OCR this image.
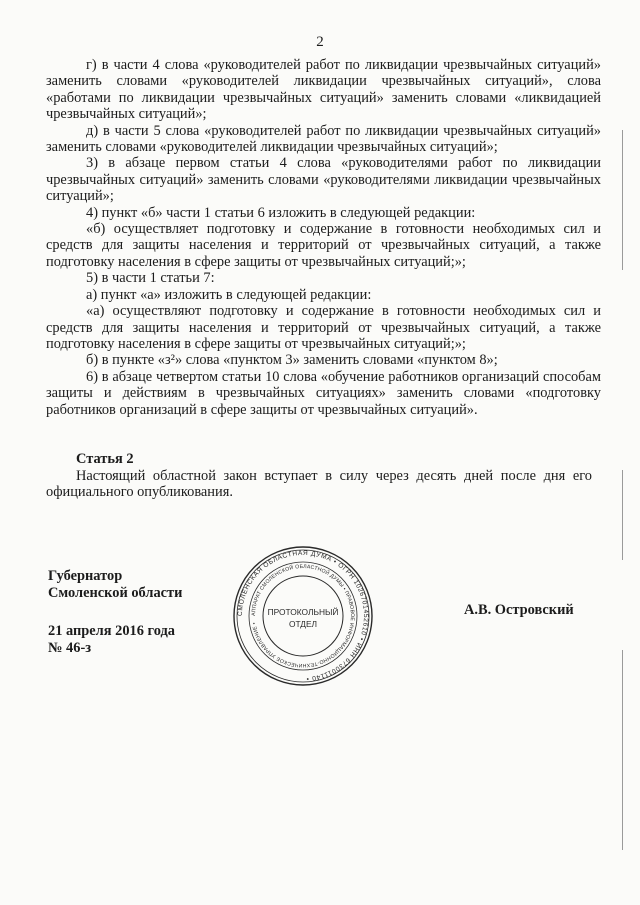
2

г) в части 4 слова «руководителей работ по ликвидации чрезвычайных ситуаций» заменить словами «руководителей ликвидации чрезвычайных ситуаций», слова «работами по ликвидации чрезвычайных ситуаций» заменить словами «ликвидацией чрезвычайных ситуаций»;

д) в части 5 слова «руководителей работ по ликвидации чрезвычайных ситуаций» заменить словами «руководителей ликвидации чрезвычайных ситуаций»;

3) в абзаце первом статьи 4 слова «руководителями работ по ликвидации чрезвычайных ситуаций» заменить словами «руководителями ликвидации чрезвычайных ситуаций»;

4) пункт «б» части 1 статьи 6 изложить в следующей редакции:

«б) осуществляет подготовку и содержание в готовности необходимых сил и средств для защиты населения и территорий от чрезвычайных ситуаций, а также подготовку населения в сфере защиты от чрезвычайных ситуаций;»;

5) в части 1 статьи 7:

а) пункт «а» изложить в следующей редакции:

«а) осуществляют подготовку и содержание в готовности необходимых сил и средств для защиты населения и территорий от чрезвычайных ситуаций, а также подготовку населения в сфере защиты от чрезвычайных ситуаций;»;

б) в пункте «з²» слова «пунктом 3» заменить словами «пунктом 8»;

6) в абзаце четвертом статьи 10 слова «обучение работников организаций способам защиты и действиям в чрезвычайных ситуациях» заменить словами «подготовку работников организаций в сфере защиты от чрезвычайных ситуаций».

Статья 2

Настоящий областной закон вступает в силу через десять дней после дня его официального опубликования.

Губернатор
Смоленской области
А.В. Островский
21 апреля 2016 года
№ 46-з
СМОЛЕНСКАЯ ОБЛАСТНАЯ ДУМА • ОГРН 1026701452610 • ИНН 6730011140 •
АППАРАТ СМОЛЕНСКОЙ ОБЛАСТНОЙ ДУМЫ • ПРАВОВОЕ ИНФОРМАЦИОННО-ТЕХНИЧЕСКОЕ УПРАВЛЕНИЕ •
ПРОТОКОЛЬНЫЙ
ОТДЕЛ
